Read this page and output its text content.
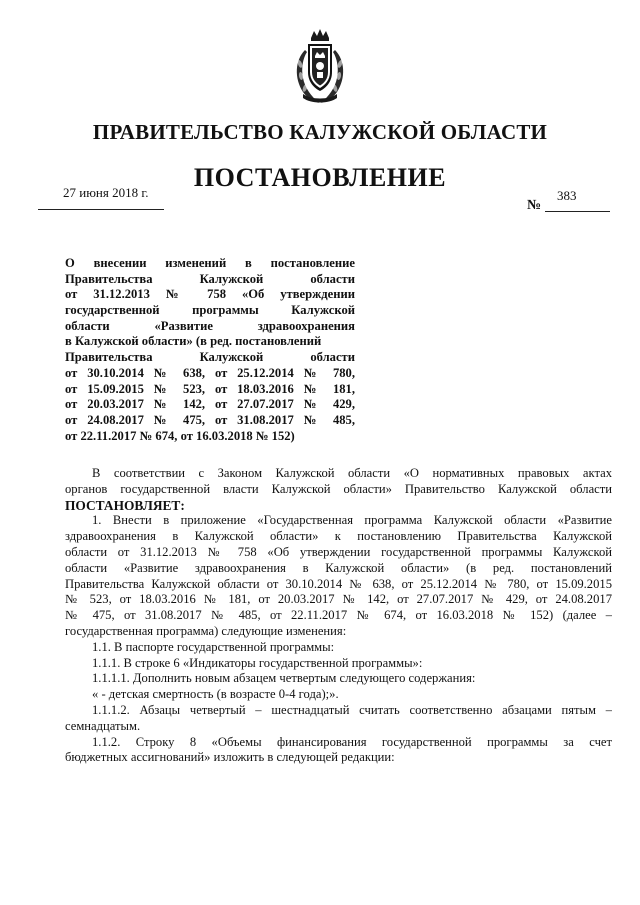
ПРАВИТЕЛЬСТВО КАЛУЖСКОЙ ОБЛАСТИ
ПОСТАНОВЛЕНИЕ
27 июня 2018 г.	383
№
О внесении изменений в постановление
Правительства Калужской области
от 31.12.2013 № 758 «Об утверждении
государственной программы Калужской
области «Развитие здравоохранения
в Калужской области» (в ред. постановлений
Правительства Калужской области
от 30.10.2014 № 638, от 25.12.2014 № 780,
от 15.09.2015 № 523, от 18.03.2016 № 181,
от 20.03.2017 № 142, от 27.07.2017 № 429,
от 24.08.2017 № 475, от 31.08.2017 № 485,
от 22.11.2017 № 674, от 16.03.2018 № 152)
В соответствии с Законом Калужской области «О нормативных правовых актах
органов государственной власти Калужской области» Правительство Калужской области
ПОСТАНОВЛЯЕТ:
1. Внести в приложение «Государственная программа Калужской области «Развитие
здравоохранения в Калужской области» к постановлению Правительства Калужской
области от 31.12.2013 № 758 «Об утверждении государственной программы Калужской
области «Развитие здравоохранения в Калужской области» (в ред. постановлений
Правительства Калужской области от 30.10.2014 № 638, от 25.12.2014 № 780, от 15.09.2015
№ 523, от 18.03.2016 № 181, от 20.03.2017 № 142, от 27.07.2017 № 429, от 24.08.2017
№ 475, от 31.08.2017 № 485, от 22.11.2017 № 674, от 16.03.2018 № 152) (далее –
государственная программа) следующие изменения:
1.1. В паспорте государственной программы:
1.1.1. В строке 6 «Индикаторы государственной программы»:
1.1.1.1. Дополнить новым абзацем четвертым следующего содержания:
« - детская смертность (в возрасте 0-4 года);».
1.1.1.2. Абзацы четвертый – шестнадцатый считать соответственно абзацами пятым –
семнадцатым.
1.1.2. Строку 8 «Объемы финансирования государственной программы за счет
бюджетных ассигнований» изложить в следующей редакции:
